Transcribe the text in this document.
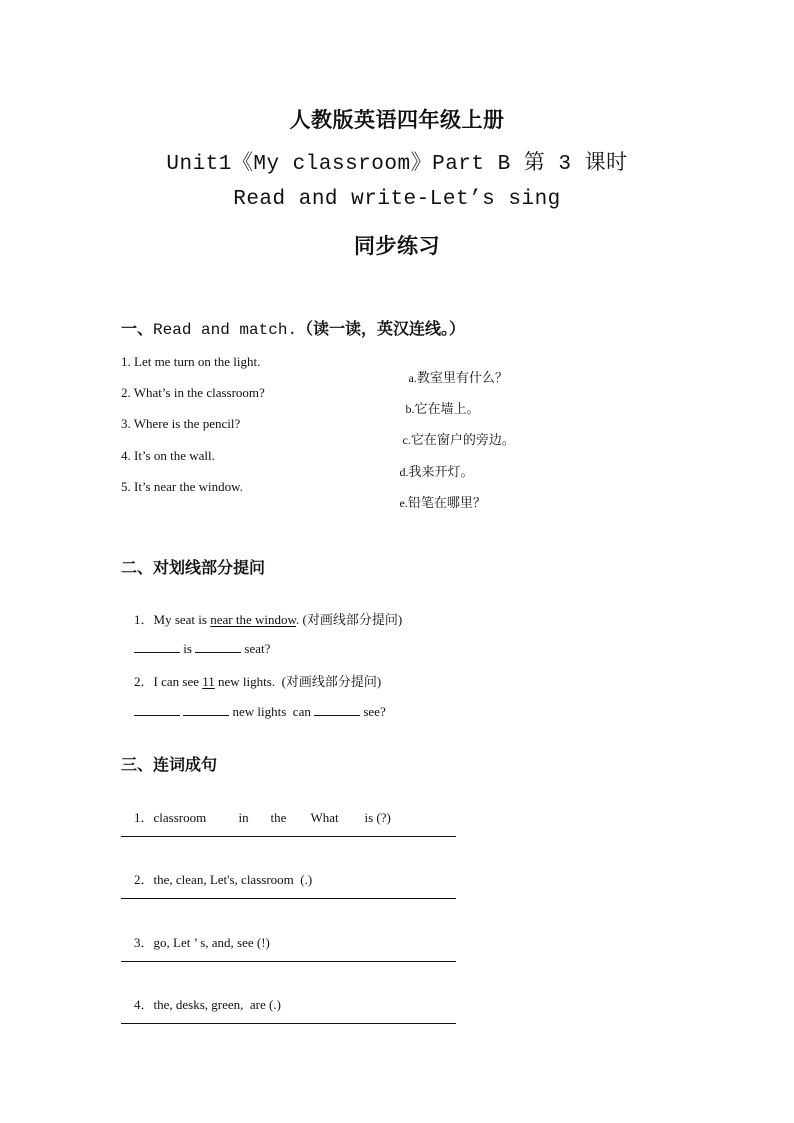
人教版英语四年级上册
Unit1《My classroom》Part B 第 3 课时
Read and write-Let’s sing
同步练习
一、Read and match.（读一读，英汉连线。）
1. Let me turn on the light.
2. What’s in the classroom?
3. Where is the pencil?
4. It’s on the wall.
5. It’s near the window.

a.教室里有什么？

b.它在墙上。

c.它在窗户的旁边。

d.我来开灯。

e.铅笔在哪里？

二、对划线部分提问

1．My seat is near the window. (对画线部分提问)

is	seat?

2．I can see 11 new lights.  (对画线部分提问)

new lights  can	see?

三、连词成句

1．classroom in the What is (?)

2．the, clean, Let's, classroom  (.)

3．go, Let ’ s, and, see (!)

4．the, desks, green,  are (.)
